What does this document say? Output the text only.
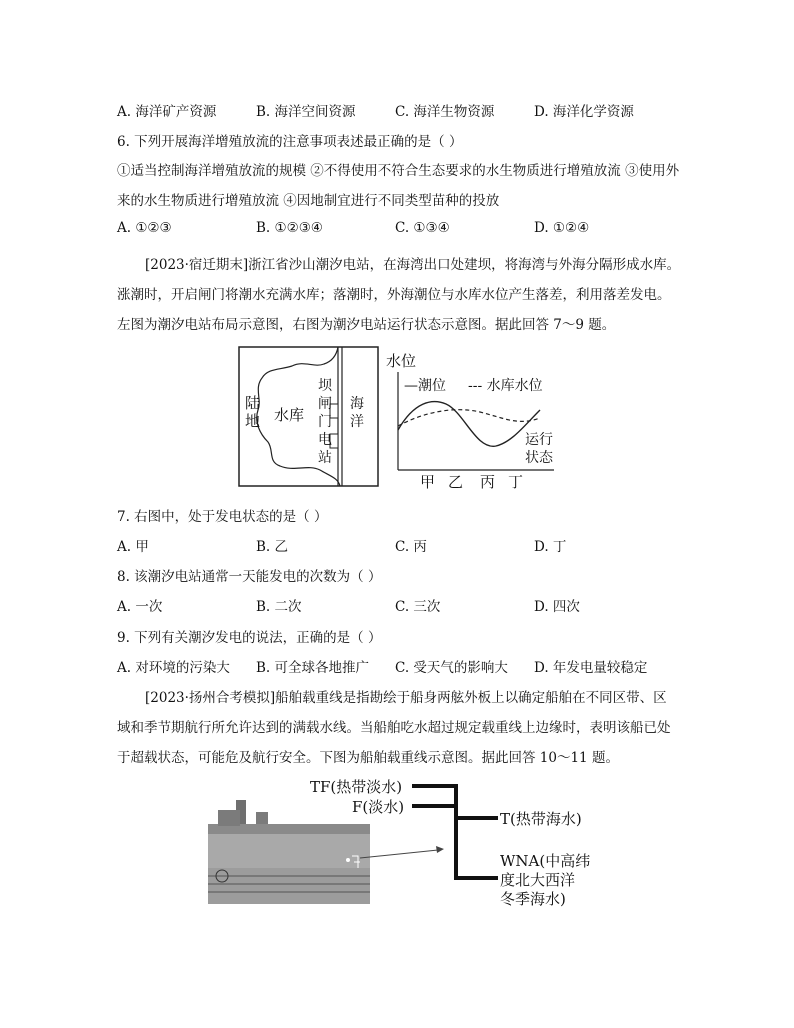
A. 海洋矿产资源	B. 海洋空间资源	C. 海洋生物资源	D. 海洋化学资源
6. 下列开展海洋增殖放流的注意事项表述最正确的是（ ）
①适当控制海洋增殖放流的规模 ②不得使用不符合生态要求的水生物质进行增殖放流 ③使用外
来的水生物质进行增殖放流 ④因地制宜进行不同类型苗种的投放
A. ①②③	B. ①②③④	C. ①③④	D. ①②④
[2023·宿迁期末]浙江省沙山潮汐电站，在海湾出口处建坝，将海湾与外海分隔形成水库。
涨潮时，开启闸门将潮水充满水库；落潮时，外海潮位与水库水位产生落差，利用落差发电。
左图为潮汐电站布局示意图，右图为潮汐电站运行状态示意图。据此回答 7～9 题。
陆
地 水库
坝
闸
门
电
站
海
洋
水位
—潮位 --- 水库水位
运行
状态
甲 乙 丙 丁
7. 右图中，处于发电状态的是（ ）
A. 甲	B. 乙	C. 丙	D. 丁
8. 该潮汐电站通常一天能发电的次数为（ ）
A. 一次	B. 二次	C. 三次	D. 四次
9. 下列有关潮汐发电的说法，正确的是（ ）
A. 对环境的污染大 B. 可全球各地推广 C. 受天气的影响大 D. 年发电量较稳定
[2023·扬州合考模拟]船舶载重线是指勘绘于船身两舷外板上以确定船舶在不同区带、区
域和季节期航行所允许达到的满载水线。当船舶吃水超过规定载重线上边缘时，表明该船已处
于超载状态，可能危及航行安全。下图为船舶载重线示意图。据此回答 10～11 题。
TF(热带淡水)
F(淡水)
T(热带海水)
WNA(中高纬
度北大西洋
冬季海水)
